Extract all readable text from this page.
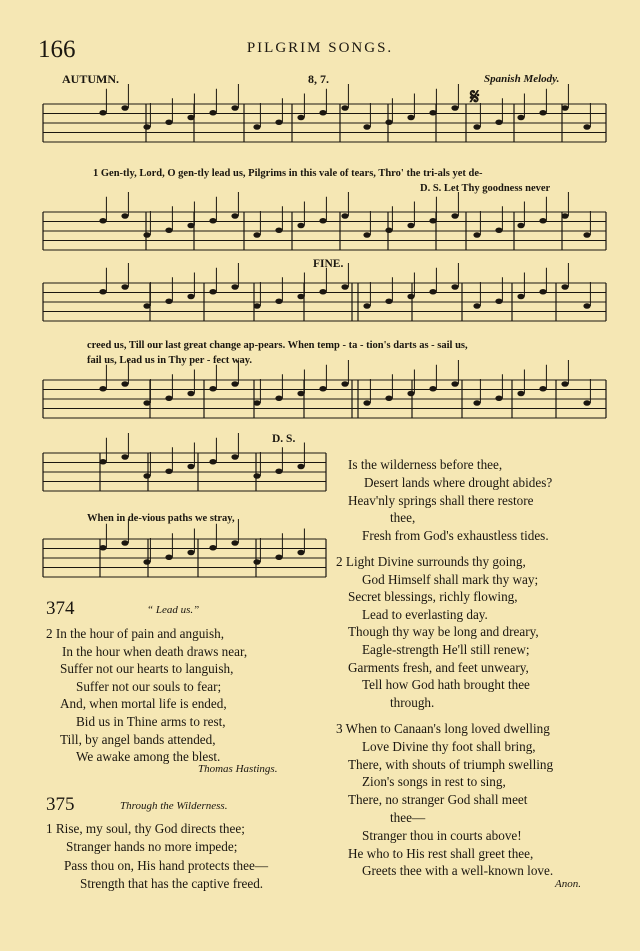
166	PILGRIM SONGS.
AUTUMN.	8, 7.	Spanish Melody.
𝄋
FINE.
D. S.
1 Gen-tly, Lord, O gen-tly lead us, Pilgrims in this vale of tears, Thro' the tri-als yet de-
D. S. Let Thy goodness never
creed us, Till our last great change ap-pears. When temp - ta - tion's darts as - sail us,
fail us, Lead us in Thy per - fect way.
When in de-vious paths we stray,
374	“ Lead us.”
2 In the hour of pain and anguish,
In the hour when death draws near,
Suffer not our hearts to languish,
Suffer not our souls to fear;
And, when mortal life is ended,
Bid us in Thine arms to rest,
Till, by angel bands attended,
We awake among the blest.
Thomas Hastings.
375	Through the Wilderness.
1 Rise, my soul, thy God directs thee;
Stranger hands no more impede;
Pass thou on, His hand protects thee—
Strength that has the captive freed.
Is the wilderness before thee,
Desert lands where drought abides?
Heav'nly springs shall there restore
thee,
Fresh from God's exhaustless tides.
2 Light Divine surrounds thy going,
God Himself shall mark thy way;
Secret blessings, richly flowing,
Lead to everlasting day.
Though thy way be long and dreary,
Eagle-strength He'll still renew;
Garments fresh, and feet unweary,
Tell how God hath brought thee
through.
3 When to Canaan's long loved dwelling
Love Divine thy foot shall bring,
There, with shouts of triumph swelling
Zion's songs in rest to sing,
There, no stranger God shall meet
thee—
Stranger thou in courts above!
He who to His rest shall greet thee,
Greets thee with a well-known love.
Anon.
